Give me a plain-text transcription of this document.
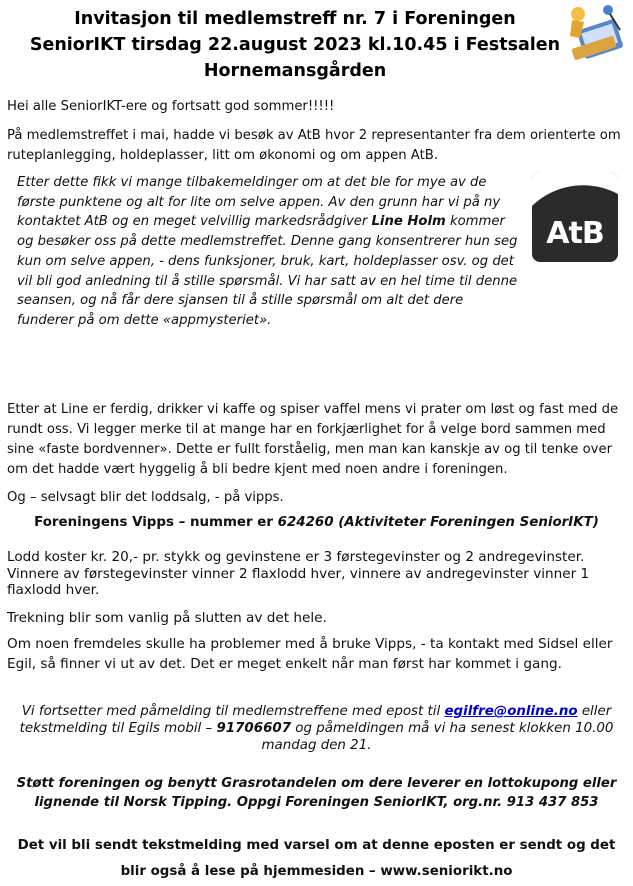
Invitasjon til medlemstreff nr. 7 i Foreningen
SeniorIKT tirsdag 22.august 2023 kl.10.45 i Festsalen
Hornemansgården
Hei alle SeniorIKT-ere og fortsatt god sommer!!!!!
På medlemstreffet i mai, hadde vi besøk av AtB hvor 2 representanter fra dem orienterte om
ruteplanlegging, holdeplasser, litt om økonomi og om appen AtB.
Etter dette fikk vi mange tilbakemeldinger om at det ble for mye av de
første punktene og alt for lite om selve appen. Av den grunn har vi på ny
kontaktet AtB og en meget velvillig markedsrådgiver Line Holm kommer
og besøker oss på dette medlemstreffet. Denne gang konsentrerer hun seg
kun om selve appen, - dens funksjoner, bruk, kart, holdeplasser osv. og det
vil bli god anledning til å stille spørsmål. Vi har satt av en hel time til denne
seansen, og nå får dere sjansen til å stille spørsmål om alt det dere
funderer på om dette «appmysteriet».
AtB
Etter at Line er ferdig, drikker vi kaffe og spiser vaffel mens vi prater om løst og fast med de
rundt oss. Vi legger merke til at mange har en forkjærlighet for å velge bord sammen med
sine «faste bordvenner». Dette er fullt forståelig, men man kan kanskje av og til tenke over
om det hadde vært hyggelig å bli bedre kjent med noen andre i foreningen.
Og – selvsagt blir det loddsalg, - på vipps.
Foreningens Vipps – nummer er 624260 (Aktiviteter Foreningen SeniorIKT)
Lodd koster kr. 20,- pr. stykk og gevinstene er 3 førstegevinster og 2 andregevinster.
Vinnere av førstegevinster vinner 2 flaxlodd hver, vinnere av andregevinster vinner 1
flaxlodd hver.
Trekning blir som vanlig på slutten av det hele.
Om noen fremdeles skulle ha problemer med å bruke Vipps, - ta kontakt med Sidsel eller
Egil, så finner vi ut av det. Det er meget enkelt når man først har kommet i gang.
Vi fortsetter med påmelding til medlemstreffene med epost til egilfre@online.no eller
tekstmelding til Egils mobil – 91706607 og påmeldingen må vi ha senest klokken 10.00
mandag den 21.
Støtt foreningen og benytt Grasrotandelen om dere leverer en lottokupong eller
lignende til Norsk Tipping. Oppgi Foreningen SeniorIKT, org.nr. 913 437 853
Det vil bli sendt tekstmelding med varsel om at denne eposten er sendt og det
blir også å lese på hjemmesiden – www.seniorikt.no
